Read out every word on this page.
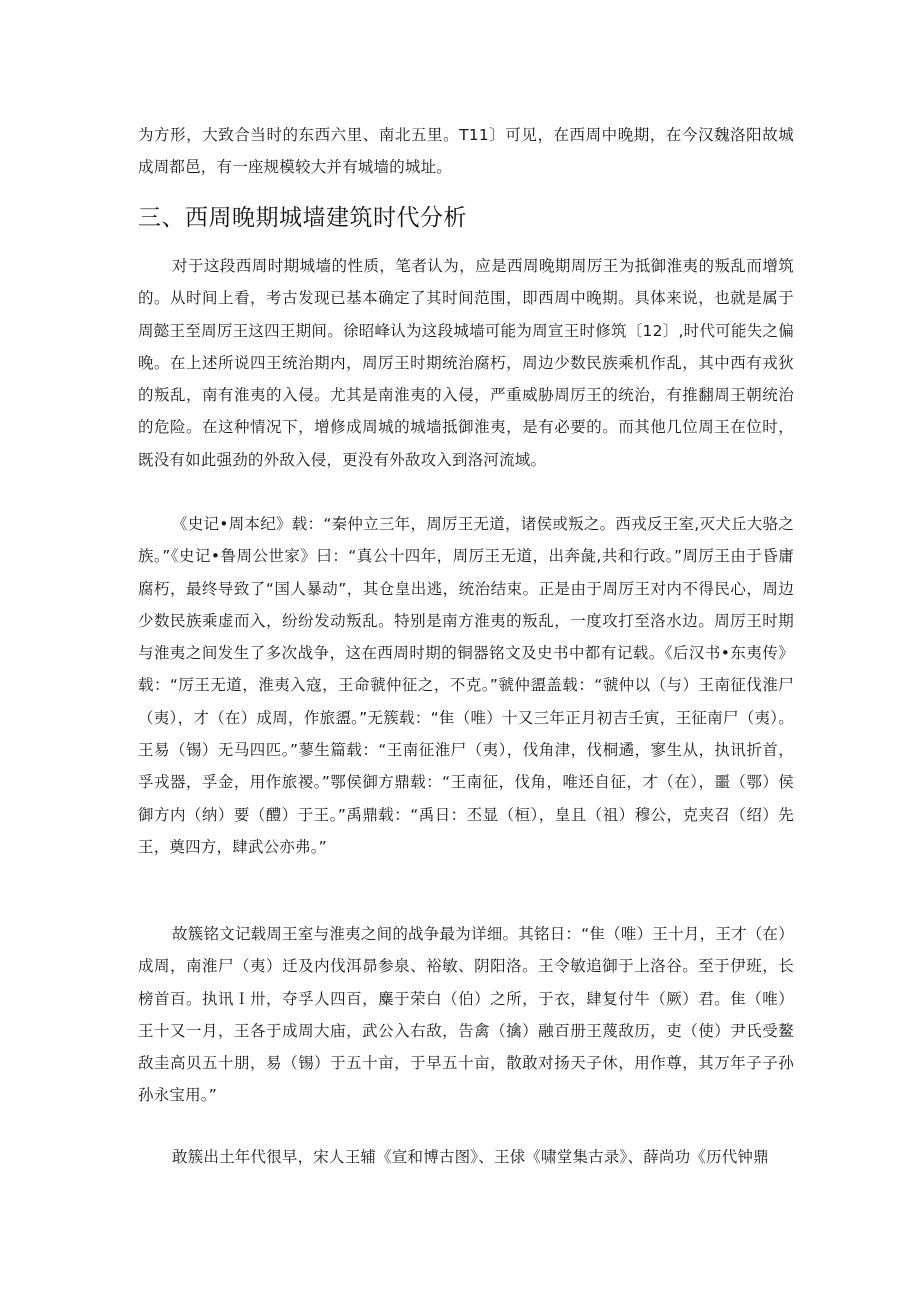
为方形，大致合当时的东西六里、南北五里。T11〕可见，在西周中晚期，在今汉魏洛阳故城成周都邑，有一座规模较大并有城墙的城址。

三、西周晚期城墙建筑时代分析

对于这段西周时期城墙的性质，笔者认为，应是西周晚期周厉王为抵御淮夷的叛乱而增筑的。从时间上看，考古发现已基本确定了其时间范围，即西周中晚期。具体来说，也就是属于周懿王至周厉王这四王期间。徐昭峰认为这段城墙可能为周宣王时修筑〔12〕,时代可能失之偏晚。在上述所说四王统治期内，周厉王时期统治腐朽，周边少数民族乘机作乱，其中西有戎狄的叛乱，南有淮夷的入侵。尤其是南淮夷的入侵，严重威胁周厉王的统治，有推翻周王朝统治的危险。在这种情况下，增修成周城的城墙抵御淮夷，是有必要的。而其他几位周王在位时，既没有如此强劲的外敌入侵，更没有外敌攻入到洛河流域。

《史记•周本纪》载：“秦仲立三年，周厉王无道，诸侯或叛之。西戎反王室,灭犬丘大骆之族。”《史记•鲁周公世家》曰：“真公十四年，周厉王无道，出奔彘,共和行政。”周厉王由于昏庸腐朽，最终导致了“国人暴动”，其仓皇出逃，统治结束。正是由于周厉王对内不得民心，周边少数民族乘虚而入，纷纷发动叛乱。特别是南方淮夷的叛乱，一度攻打至洛水边。周厉王时期与淮夷之间发生了多次战争，这在西周时期的铜器铭文及史书中都有记载。《后汉书•东夷传》载：“厉王无道，淮夷入寇，王命虢仲征之，不克。”虢仲盨盖载：“虢仲以（与）王南征伐淮尸（夷），才（在）成周，作旅盨。”无簇载：“隹（唯）十又三年正月初吉壬寅，王征南尸（夷）。王易（锡）无马四匹。”蓼生篇载：“王南征淮尸（夷），伐角津，伐桐遹，寥生从，执讯折首，孚戎器，孚金，用作旅禝。”鄂侯御方鼎载：“王南征，伐角，唯还自征，才（在），噩（鄂）侯御方内（纳）要（醴）于王。”禹鼎载：“禹日：丕显（桓），皇且（祖）穆公，克夹召（绍）先王，奠四方，肆武公亦弗。”

故簇铭文记载周王室与淮夷之间的战争最为详细。其铭日：“隹（唯）王十月，王才（在）成周，南淮尸（夷）迁及内伐洱昴参泉、裕敏、阴阳洛。王令敏追御于上洛谷。至于伊班，长榜首百。执讯Ｉ卅，夺孚人四百，麋于荣白（伯）之所，于衣，肆复付牛（厥）君。隹（唯）王十又一月，王各于成周大庙，武公入右敌，告禽（擒）融百册王蔑敌历，吏（使）尹氏受鳌敌圭高贝五十朋，易（锡）于五十亩，于早五十亩，散敢对扬天子休，用作尊，其万年子子孙孙永宝用。”

敢簇出土年代很早，宋人王辅《宣和博古图》、王俅《啸堂集古录》、薛尚功《历代钟鼎
